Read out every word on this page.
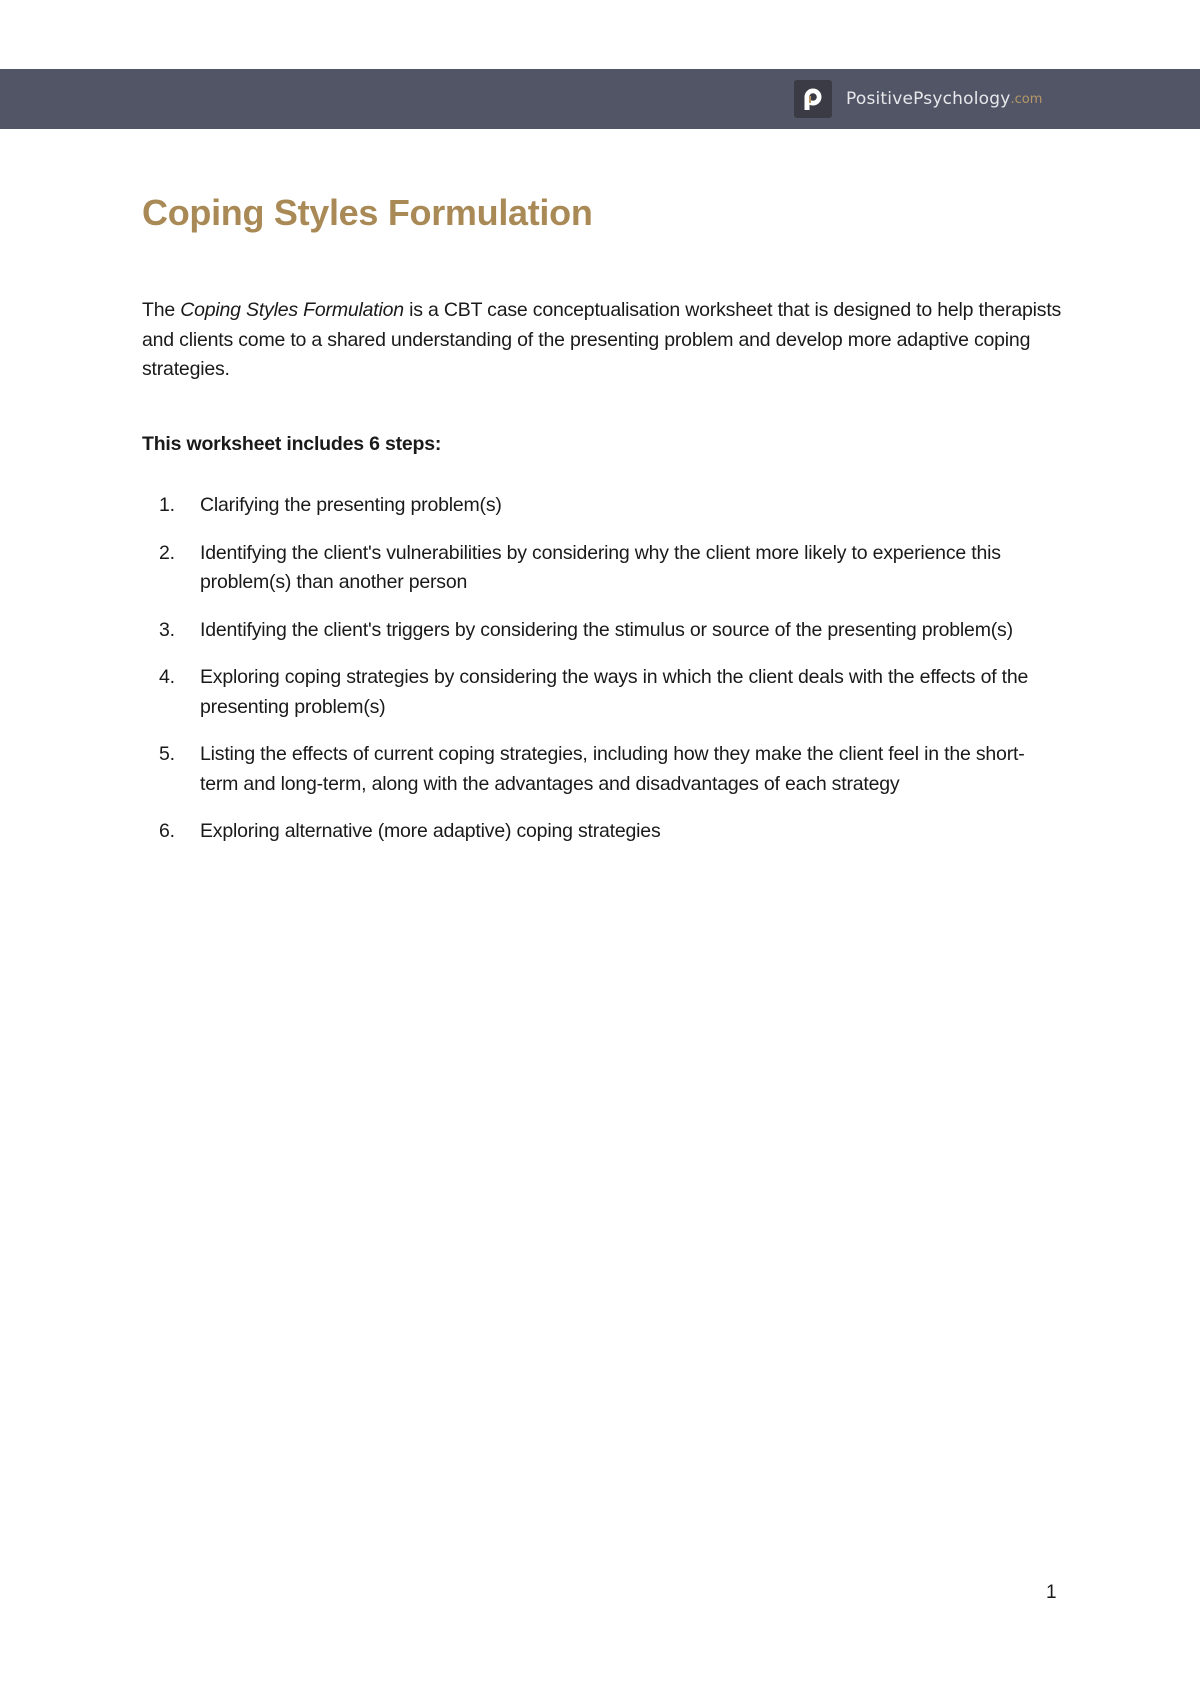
PositivePsychology .com
Coping Styles Formulation

The Coping Styles Formulation is a CBT case conceptualisation worksheet that is designed to help therapists and clients come to a shared understanding of the presenting problem and develop more adaptive coping strategies.

This worksheet includes 6 steps:

1. Clarifying the presenting problem(s)
2. Identifying the client's vulnerabilities by considering why the client more likely to experience this problem(s) than another person
3. Identifying the client's triggers by considering the stimulus or source of the presenting problem(s)
4. Exploring coping strategies by considering the ways in which the client deals with the effects of the presenting problem(s)
5. Listing the effects of current coping strategies, including how they make the client feel in the short-term and long-term, along with the advantages and disadvantages of each strategy
6. Exploring alternative (more adaptive) coping strategies
1
